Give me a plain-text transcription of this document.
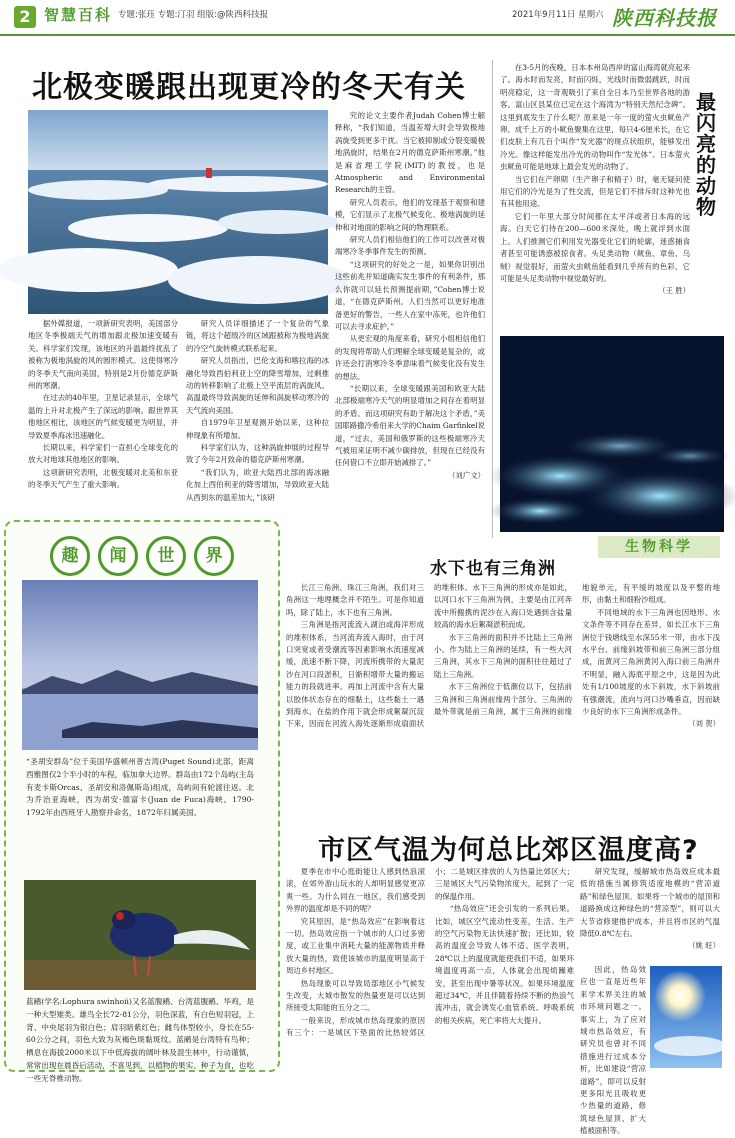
2 智慧百科 专题:张珏 专题:汀羽 组版:@陕西科技报	2021年9月11日 星期六 陕西科技报
北极变暖跟出现更冷的冬天有关

据外媒报道，一项新研究表明，美国部分地区冬季极端天气的增加跟北极加速变暖有关。科学家们发现，该地区的升温最终扰乱了被称为极地涡旋的风的圆形模式。这使得寒冷的冬季天气南向美国，特别是2月份德克萨斯州的寒潮。

在过去的40年里，卫星记录显示，全球气温的上升对北极产生了深远的影响。跟世界其他地区相比，该地区的气候变暖更为明显，并导致夏季海冰迅速融化。

长期以来，科学家们一直担心全球变化的放大对地球其他地区的影响。

这项新研究表明，北极变暖对北美和东亚的冬季天气产生了重大影响。

研究人员详细描述了一个复杂的气象链，将这个超级冷的区域跟被称为极地涡旋的冷空气旋转模式联系起来。

研究人员指出，巴伦支海和喀拉海的冰融化导致西伯利亚上空的降雪增加，过剩推动的转移影响了北极上空平流层的涡旋风。高温最终导致涡旋的延伸和涡旋移动寒冷的天气流向美国。

自1979年卫星观测开始以来，这种拉伸现象有所增加。

科学家们认为，这种涡旋伸展的过程导致了今年2月致命的德克萨斯州寒潮。

“我们认为，欧亚大陆西北部的海冰融化加上西伯利亚的降雪增加，导致欧亚大陆从西到东的温差加大，”该研

究的论文主要作者Judah Cohen博士解释称，“我们知道，当温差增大时会导致极地涡旋受到更多干扰。当它被抑制或分裂变暖极地涡旋时，结果在2月的德克萨斯州寒潮。”他是麻省理工学院(MIT)的教授，也是Atmospheric and Environmental Research的主管。

研究人员表示，他们的发现基于观察和建模，它们显示了北极气候变化、极地涡旋的延伸和对地面的影响之间的物理联系。

研究人员们相信他们的工作可以改善对极端寒冷冬季事件发生的预测。

“这项研究的好处之一是，如果你识别出这些前兆并知道确实发生事件的有利条件，那么你就可以延长预测提前期，”Cohen博士说道，“在德克萨斯州，人们当然可以更好地准备更好的警告，一些人在家中冻死，也许他们可以去寻求庇护。”

从更宏观的角度来看，研究小组相信他们的发现将帮助人们理解全球变暖是复杂的，或许还会打消寒冷冬季意味着气候变化没有发生的想法。

“长期以来，全球变暖跟美国和欧亚大陆北部极端寒冷天气的明显增加之间存在着明显的矛盾。而这项研究有助于解决这个矛盾，”美国耶路撒冷希伯来大学的Chaim Garfinkel说道，“过去，美国和俄罗斯的这些极端寒冷天气被用来证明不减少碳排放，但现在已经没有任何借口不立即开始减排了。”

（刘广文）

在3-5月的夜晚，日本本州岛西岸的富山海湾就亮起来了。海水时而发亮，时而闪烁，光线时而微弱跳跃，时而明亮稳定，这一奇观吸引了来自全日本乃至世界各地的游客。富山区县某位已定在这个海湾为“特别天然纪念碑”。这里到底发生了什么呢？原来是一年一度的萤火虫鱿鱼产卵。成千上万的小鱿鱼聚集在这里，每只4-6厘米长，在它们皮肤上有几百个叫作“发光器”的斑点状组织，能够发出冷光。像这样能发出冷光的动物叫作“发光体”。日本萤火虫鱿鱼可能是地球上最会发光的动物了。

当它们在产卵期（生产卵子和精子）时，毫无疑问使用它们的冷光是为了性交流，但是它们不排斥时这种光也有其他用途。

它们一年里大部分时间都在太平洋或者日本海的远海。白天它们待在200—600米深处，晚上就浮到水面上。人们推测它们利用发光器变化它们的轮廓，迷惑捕食者甚至可能诱惑被掠食者。头足类动物（鱿鱼、章鱼、乌贼）视觉很好，而萤火虫鱿鱼能看到几乎所有的色彩，它可能是头足类动物中视觉最好的。

（王 胜）

最闪亮的动物
生物科学
趣	闻	世	界

“圣胡安群岛”位于美国华盛顿州普吉湾(Puget Sound)北部，距离西雅图仅2个半小时的车程，临加拿大边界。群岛由172个岛屿(主岛有麦卡斯Orcas、圣胡安和洛佩斯岛)组成，岛屿间有轮渡往返。北为乔治亚海峡，西为胡安·德富卡(Juan de Fuca)海峡。1790-1792年由西班牙人勘察并命名，1872年归属美国。

蓝鹇(学名:Lophura swinhoii)又名蓝腹鹇、台湾蓝腹鹇、华鸡，是一种大型雉类。雄鸟全长72-81公分，羽色深蓝，有白色短羽冠，上背、中央尾羽为银白色；肩羽暗紫红色；雌鸟体型较小，身长在55-60公分之间，羽色大致为灰褐色斑黏斑纹。蓝鹇是台湾特有鸟种；栖息在海拔2000米以下中低海拔的阔叶林及混生林中，行动谨慎，常常出现在晨昏后活动，不喜见到，以植物的果实、种子为食，也吃一些无脊椎动物。

水下也有三角洲

长江三角洲、珠江三角洲，我们对三角洲这一地理概念并不陌生。可是你知道吗，除了陆上，水下也有三角洲。

三角洲是指河流流入湖泊或海洋形成的堆积体系，当河流奔流入海时，由于河口突宽或者受潮流等因素影响水流速度减缓，流速不断下降，河流所携带的大量泥沙在河口段淤积，日渐积增带大量的搬运能力的段就进率。再加上河流中含有大量以胶体状态存在的细黏土，这些黏土一遇到海水，在盐的作用下就会形成絮凝沉淀下来，因而在河流入海处逐渐形成扇面状的堆积体。水下三角洲的形成亦是如此，以河口水下三角洲为例，主要是由江河奔流中所搬携的泥沙在入海口处遇到含盐量较高的海水后絮凝淤积而成。

水下三角洲的面积并不比陆上三角洲小。作为陆上三角洲的延续，有一些大河三角洲，其水下三角洲的面积往往超过了陆上三角洲。

水下三角洲位于低潮位以下，包括前三角洲和三角洲前缘两个部分。三角洲的最外带就是前三角洲，属于三角洲的前缘地貌单元，有平缓的坡度以及平整的地形，由黏土和细粉沙组成。

不同地域的水下三角洲也因地形、水文条件等不同存在差异，如长江水下三角洲位于钱塘线至水深55米一带，由水下浅水平台、前缘斜坡带和前三角洲三部分组成，而黄河三角洲黄河入海口前三角洲并不明显，融入海底平原之中，这是因为此处有1/100坡度的水下斜坡，水下斜坡前有强潮流，流向与河口沙嘴垂直，因而缺少良好的水下三角洲形成条件。

（刘 贺）

市区气温为何总比郊区温度高?

夏季在市中心逛街能让人感到热浪滚滚，在郊外游山玩水的人却明显感觉更凉爽一些。为什么同在一地区，我们感受到外界的温度却是不同的呢？

究其原因，是“热岛效应”在影响着这一切。热岛效应指一个城市的人口过多密度，或工业集中消耗大量的能源物质并释放大量的热，致使该城市的温度明显高于周边乡村地区。

热岛现象可以导致局部地区小气候发生改变，大城市散发的热量更是可以达到所接受太阳能的五分之二。

一般来说，形成城市热岛现象的原因有三个：一是城区下垫面的比热较郊区小；二是城区排放的人为热量比郊区大；三是城区大气污染物浓度大，起到了一定的保温作用。

“热岛效应”还会引发的一系列后果。比如，城区空气流动性变差，生活、生产的空气污染物无法快速扩散；还比如，较高的温度会导致人体不适。医学表明，28℃以上的温度就能使我们不适，如果环境温度再高一点，人体就会出现烦躁难安，甚至出现中暑等状况。如果环境温度超过34℃，并且伴随着持续不断的热浪气流冲击，就会诱发心血管系统、呼吸系统的相关疾病，死亡率将大大提升。

研究发现，缓解城市热岛效应成本最低的措施当属修筑适度地模的“营凉道路”和绿色屋顶。如果将一个城市的屋顶和道路换成这种绿色的“营凉型”，则可以大大节省修建推护成本，并且将市区的气温降低0.8℃左右。

（姚 旺）

因此，热岛效应也一直是近些年来学术界关注的城市环境问题之一。事实上，为了应对城市热岛效应，有研究员也曾对不同措施进行过成本分析，比如建设“营凉道路”，即可以反射更多阳光且吸收更少热量的道路，修筑绿色屋顶、扩大植被面积等。
